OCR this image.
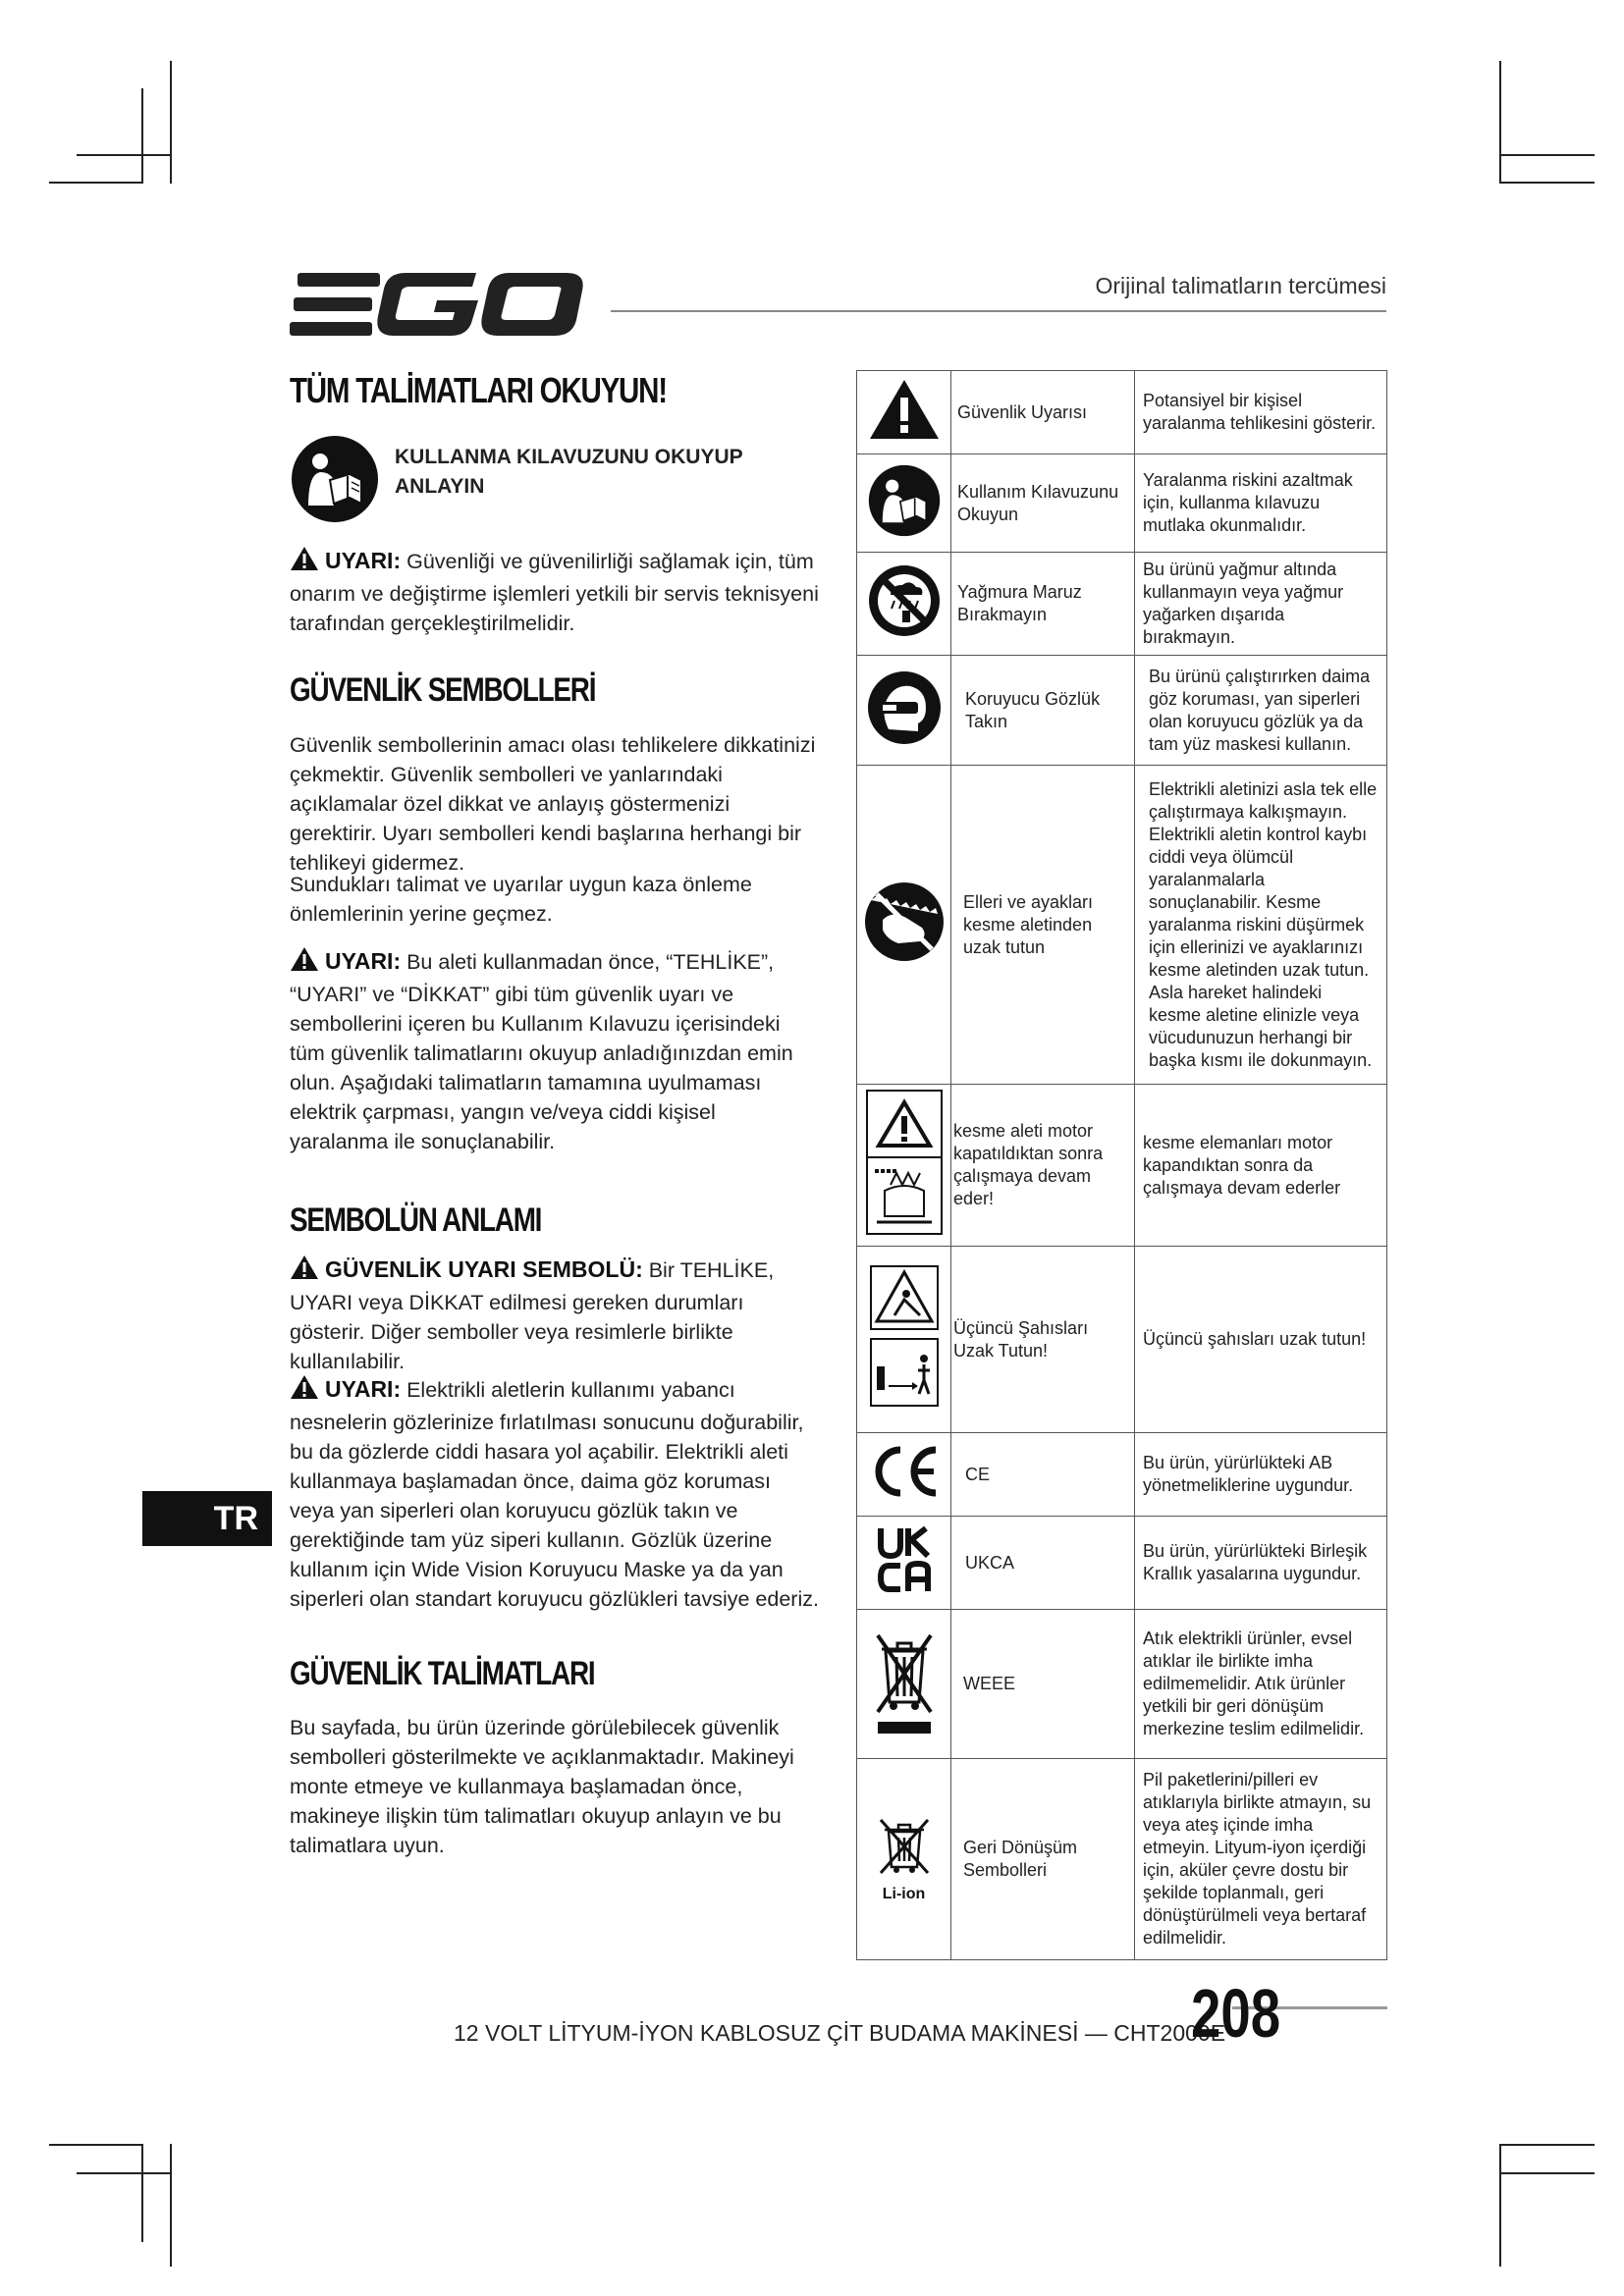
Orijinal talimatların tercümesi
TÜM TALİMATLARI OKUYUN!
KULLANMA KILAVUZUNU OKUYUP
ANLAYIN

UYARI: Güvenliği ve güvenilirliği sağlamak için, tüm onarım ve değiştirme işlemleri yetkili bir servis teknisyeni tarafından gerçekleştirilmelidir.

GÜVENLİK SEMBOLLERİ

Güvenlik sembollerinin amacı olası tehlikelere dikkatinizi çekmektir. Güvenlik sembolleri ve yanlarındaki açıklamalar özel dikkat ve anlayış göstermenizi gerektirir. Uyarı sembolleri kendi başlarına herhangi bir tehlikeyi gidermez.

Sundukları talimat ve uyarılar uygun kaza önleme önlemlerinin yerine geçmez.

UYARI: Bu aleti kullanmadan önce, “TEHLİKE”, “UYARI” ve “DİKKAT” gibi tüm güvenlik uyarı ve sembollerini içeren bu Kullanım Kılavuzu içerisindeki tüm güvenlik talimatlarını okuyup anladığınızdan emin olun. Aşağıdaki talimatların tamamına uyulmaması elektrik çarpması, yangın ve/veya ciddi kişisel yaralanma ile sonuçlanabilir.

SEMBOLÜN ANLAMI

GÜVENLİK UYARI SEMBOLÜ: Bir TEHLİKE, UYARI veya DİKKAT edilmesi gereken durumları gösterir. Diğer semboller veya resimlerle birlikte kullanılabilir.

UYARI: Elektrikli aletlerin kullanımı yabancı nesnelerin gözlerinize fırlatılması sonucunu doğurabilir, bu da gözlerde ciddi hasara yol açabilir. Elektrikli aleti kullanmaya başlamadan önce, daima göz koruması veya yan siperleri olan koruyucu gözlük takın ve gerektiğinde tam yüz siperi kullanın. Gözlük üzerine kullanım için Wide Vision Koruyucu Maske ya da yan siperleri olan standart koruyucu gözlükleri tavsiye ederiz.

GÜVENLİK TALİMATLARI

Bu sayfada, bu ürün üzerinde görülebilecek güvenlik sembolleri gösterilmekte ve açıklanmaktadır. Makineyi monte etmeye ve kullanmaya başlamadan önce, makineye ilişkin tüm talimatları okuyup anlayın ve bu talimatlara uyun.

TR
	Güvenlik Uyarısı	Potansiyel bir kişisel yaralanma tehlikesini gösterir.
	Kullanım Kılavuzunu Okuyun	Yaralanma riskini azaltmak için, kullanma kılavuzu mutlaka okunmalıdır.
	Yağmura Maruz Bırakmayın	Bu ürünü yağmur altında kullanmayın veya yağmur yağarken dışarıda bırakmayın.
	Koruyucu Gözlük Takın	Bu ürünü çalıştırırken daima göz koruması, yan siperleri olan koruyucu gözlük ya da tam yüz maskesi kullanın.
	Elleri ve ayakları kesme aletinden uzak tutun	Elektrikli aletinizi asla tek elle çalıştırmaya kalkışmayın. Elektrikli aletin kontrol kaybı ciddi veya ölümcül yaralanmalarla sonuçlanabilir. Kesme yaralanma riskini düşürmek için ellerinizi ve ayaklarınızı kesme aletinden uzak tutun. Asla hareket halindeki kesme aletine elinizle veya vücudunuzun herhangi bir başka kısmı ile dokunmayın.
	kesme aleti motor kapatıldıktan sonra çalışmaya devam eder!	kesme elemanları motor kapandıktan sonra da çalışmaya devam ederler
	Üçüncü Şahısları Uzak Tutun!	Üçüncü şahısları uzak tutun!
	CE	Bu ürün, yürürlükteki AB yönetmeliklerine uygundur.
	UKCA	Bu ürün, yürürlükteki Birleşik Krallık yasalarına uygundur.
	WEEE	Atık elektrikli ürünler, evsel atıklar ile birlikte imha edilmemelidir. Atık ürünler yetkili bir geri dönüşüm merkezine teslim edilmelidir.

Li-ion	Geri Dönüşüm Sembolleri	Pil paketlerini/pilleri ev atıklarıyla birlikte atmayın, su veya ateş içinde imha etmeyin. Lityum-iyon içerdiği için, aküler çevre dostu bir şekilde toplanmalı, geri dönüştürülmeli veya bertaraf edilmelidir.
12 VOLT LİTYUM-İYON KABLOSUZ ÇİT BUDAMA MAKİNESİ — CHT2000E
208
